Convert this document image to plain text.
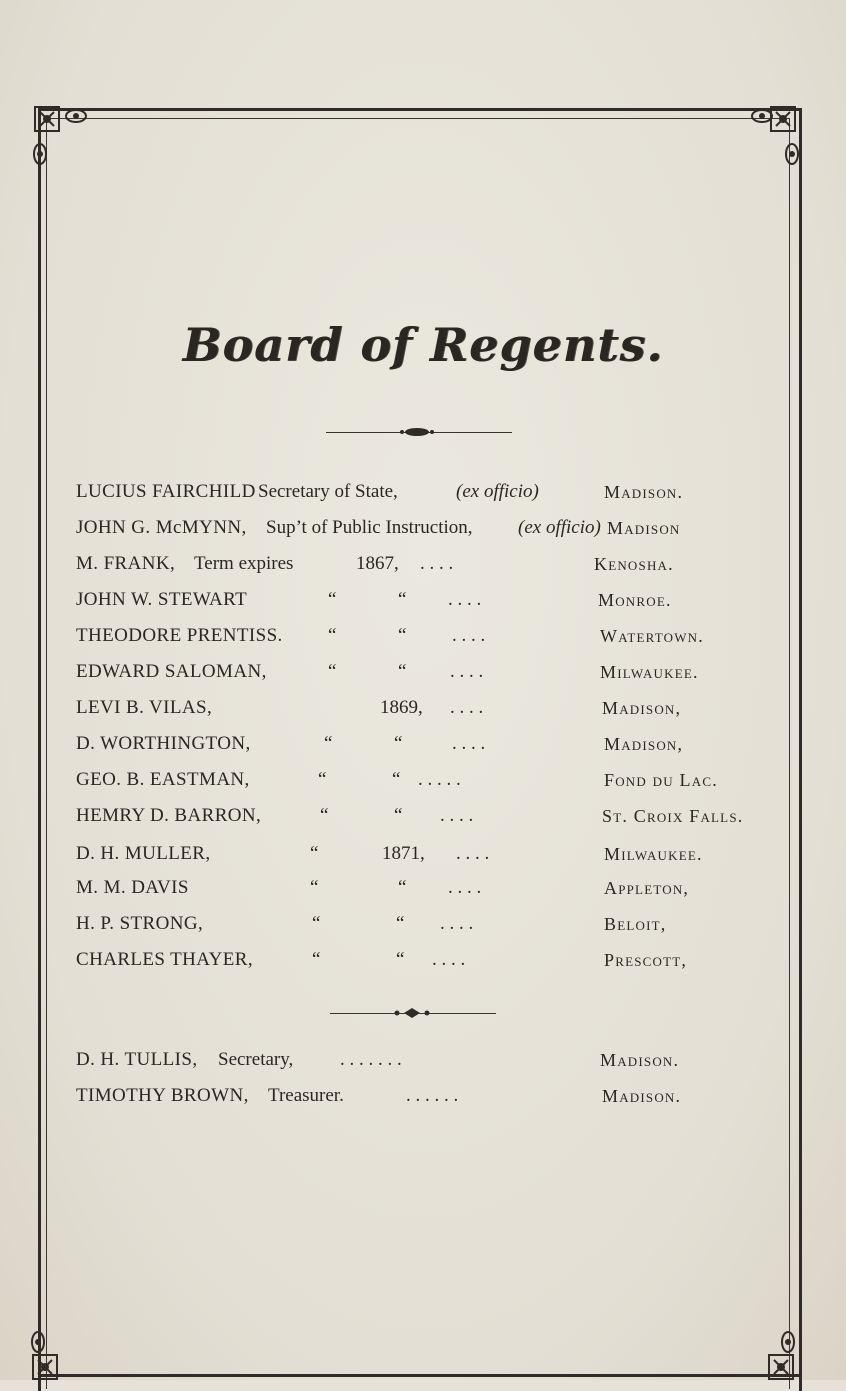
Board of Regents.
LUCIUS FAIRCHILD Secretary of State,	(ex officio)	Madison.
JOHN G. McMYNN, Sup’t of Public Instruction, (ex officio) Madison
M. FRANK, Term expires	1867, . . . .	Kenosha.
JOHN W. STEWART	“	“ . . . .	Monroe.
THEODORE PRENTISS. “	“ . . . .	Watertown.
EDWARD SALOMAN,	“	“ . . . .	Milwaukee.
LEVI B. VILAS,	1869, . . . .	Madison,
D. WORTHINGTON,	“	“	. . . .	Madison,
GEO. B. EASTMAN,	“	“ . . . . .	Fond du Lac.
HEMRY D. BARRON,	“	“ . . . .	St. Croix Falls.
D. H. MULLER,	“	1871, . . . .	Milwaukee.
M. M. DAVIS	“	“ . . . .	Appleton,
H. P. STRONG,	“	“ . . . .	Beloit,
CHARLES THAYER,	“	“ . . . .	Prescott,
D. H. TULLIS, Secretary, . . . . . . .	Madison.
TIMOTHY BROWN, Treasurer.	. . . . . .	Madison.
